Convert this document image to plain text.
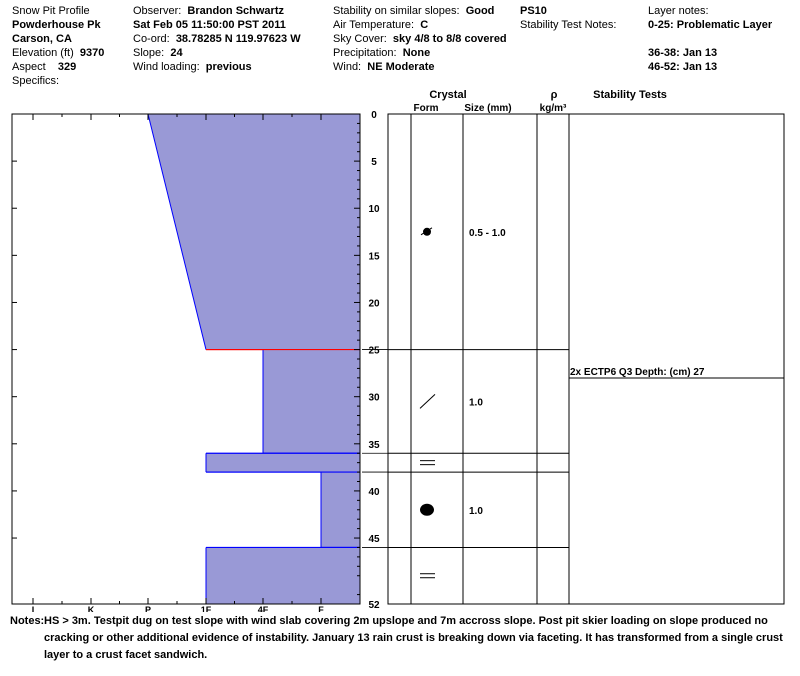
Snow Pit Profile
Powderhouse Pk
Carson, CA
Elevation (ft) 9370
Aspect 329
Specifics:
Observer: Brandon Schwartz
Sat Feb 05 11:50:00 PST 2011
Co-ord: 38.78285 N 119.97623 W
Slope: 24
Wind loading: previous
Stability on similar slopes: Good
Air Temperature: C
Sky Cover: sky 4/8 to 8/8 covered
Precipitation: None
Wind: NE Moderate
PS10
Stability Test Notes:
Layer notes:
0-25: Problematic Layer
36-38: Jan 13
46-52: Jan 13
0
5
10
15
20
25
30
35
40
45
52
I	K	P	1F	4F	F
0.5 - 1.0
1.0
1.0
2x ECTP6 Q3 Depth: (cm) 27
Crystal
Form	Size (mm)
ρ
kg/m³
Stability Tests
Notes: HS > 3m. Testpit dug on test slope with wind slab covering 2m upslope and 7m accross slope. Post pit skier loading on slope produced no cracking or other additional evidence of instability. January 13 rain crust is breaking down via faceting. It has transformed from a single crust layer to a crust facet sandwich.
